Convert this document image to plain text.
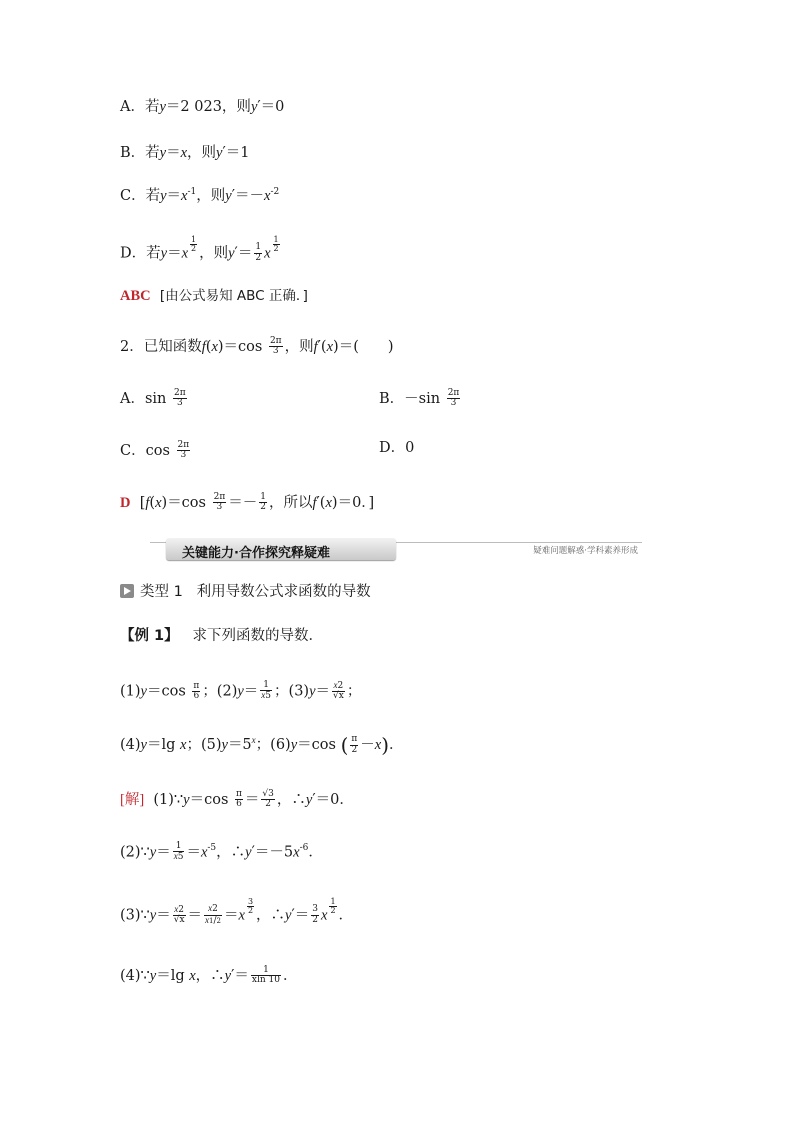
A．若y＝2 023，则y′＝0
B．若y＝x，则y′＝1
C．若$y=x^{-1}$，则$y'=-x^{-2}$
D．若$y=x \frac{1}{2}$ ，则$y'= \frac{1}{2}$ x $\frac{1}{2}$
ABC [由公式易知 ABC 正确．]
2．已知函数$f(x)=\cos \frac{2\pi}{3}$ ，则f′(x)＝(　　)
A．$\sin \frac{2\pi}{3}$	B．$-\sin \frac{2\pi}{3}$
C．$\cos \frac{2\pi}{3}$	D．0
D [$f(x)=\cos \frac{2\pi}{3} =- \frac{1}{2}$ ，所以f′(x)＝0．]
关键能力·合作探究释疑难	疑难问题解惑·学科素养形成
类型 1 利用导数公式求函数的导数
【例 1】 求下列函数的导数．
$(1)y=\cos \frac{\pi}{6}$ ；$(2)y= \frac{1}{x5}$ ；$(3)y= \frac{x2}{√x}$ ；
(4)y＝lg x；$(5)y=5^x$；(6)y＝cos ( $\frac{\pi}{2} -x$)．
[解] (1)∵y＝cos $\frac{\pi}{6} = \frac{√3}{2}$ ，∴y′＝0．
(2)∵y＝ $\frac{1}{x5} =x^{-5}$，$\therefore y'=-5x^{-6}$．
(3)∵y＝ $\frac{x2}{√x} = \frac{x2}{x1/2} =x \frac{3}{2}$ ，∴y′＝ $\frac{3}{2}$ x $\frac{1}{2}$ ．
(4)∵y＝lg x，∴y′＝ $\frac{1}{xln 10}$ ．
